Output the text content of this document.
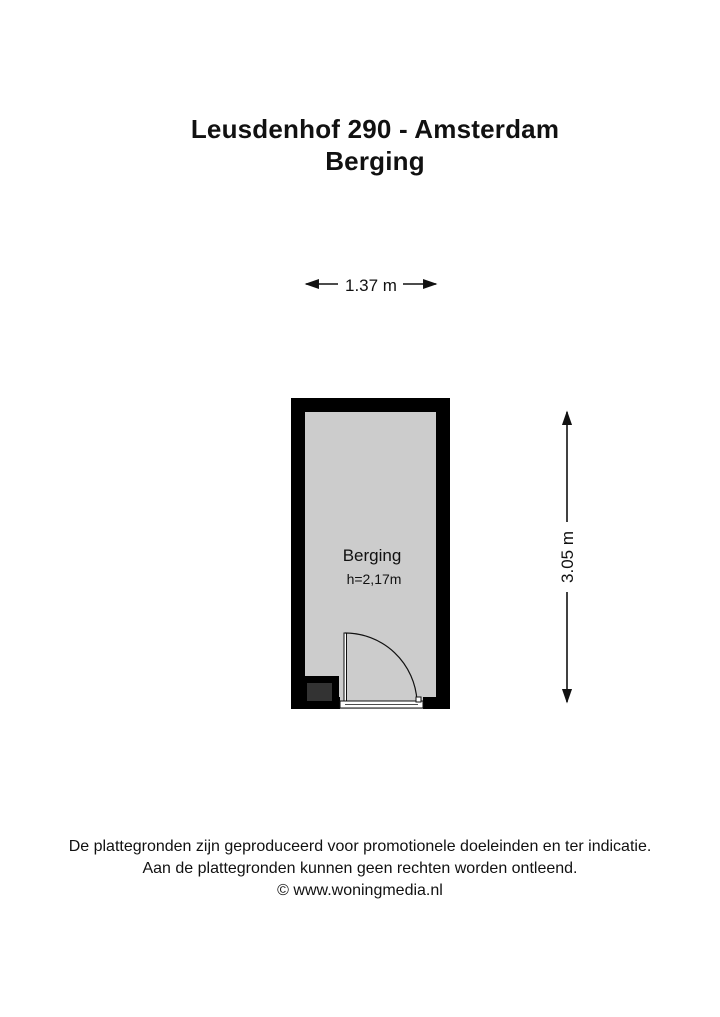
Leusdenhof 290 - Amsterdam
Berging
1.37 m
3.05 m
Berging
h=2,17m
De plattegronden zijn geproduceerd voor promotionele doeleinden en ter indicatie.
Aan de plattegronden kunnen geen rechten worden ontleend.
© www.woningmedia.nl
